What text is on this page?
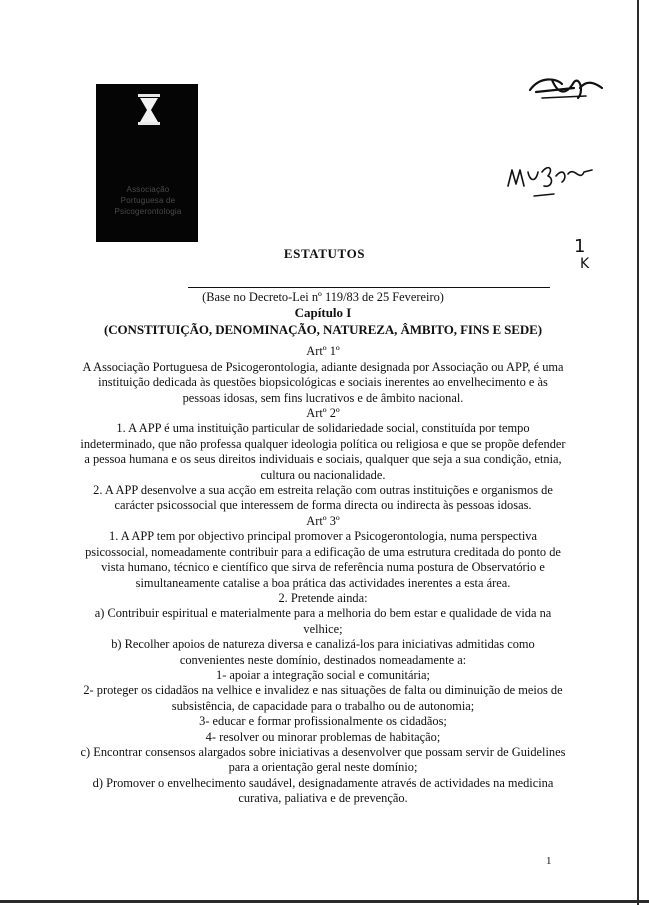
Associação Portuguesa de Psicogerontologia
1
K
ESTATUTOS

(Base no Decreto-Lei nº 119/83 de 25 Fevereiro)

Capítulo I

(CONSTITUIÇÃO, DENOMINAÇÃO, NATUREZA, ÂMBITO, FINS E SEDE)

Artº 1º

A Associação Portuguesa de Psicogerontologia, adiante designada por Associação ou APP, é uma instituição dedicada às questões biopsicológicas e sociais inerentes ao envelhecimento e às pessoas idosas, sem fins lucrativos e de âmbito nacional.

Artº 2º

1. A APP é uma instituição particular de solidariedade social, constituída por tempo indeterminado, que não professa qualquer ideologia política ou religiosa e que se propõe defender a pessoa humana e os seus direitos individuais e sociais, qualquer que seja a sua condição, etnia, cultura ou nacionalidade.

2. A APP desenvolve a sua acção em estreita relação com outras instituições e organismos de carácter psicossocial que interessem de forma directa ou indirecta às pessoas idosas.

Artº 3º

1. A APP tem por objectivo principal promover a Psicogerontologia, numa perspectiva psicossocial, nomeadamente contribuir para a edificação de uma estrutura creditada do ponto de vista humano, técnico e científico que sirva de referência numa postura de Observatório e simultaneamente catalise a boa prática das actividades inerentes a esta área.

2. Pretende ainda:

a) Contribuir espiritual e materialmente para a melhoria do bem estar e qualidade de vida na velhice;

b) Recolher apoios de natureza diversa e canalizá-los para iniciativas admitidas como convenientes neste domínio, destinados nomeadamente a:

1- apoiar a integração social e comunitária;

2- proteger os cidadãos na velhice e invalidez e nas situações de falta ou diminuição de meios de subsistência, de capacidade para o trabalho ou de autonomia;

3- educar e formar profissionalmente os cidadãos;

4- resolver ou minorar problemas de habitação;

c) Encontrar consensos alargados sobre iniciativas a desenvolver que possam servir de Guidelines para a orientação geral neste domínio;

d) Promover o envelhecimento saudável, designadamente através de actividades na medicina curativa, paliativa e de prevenção.

1
